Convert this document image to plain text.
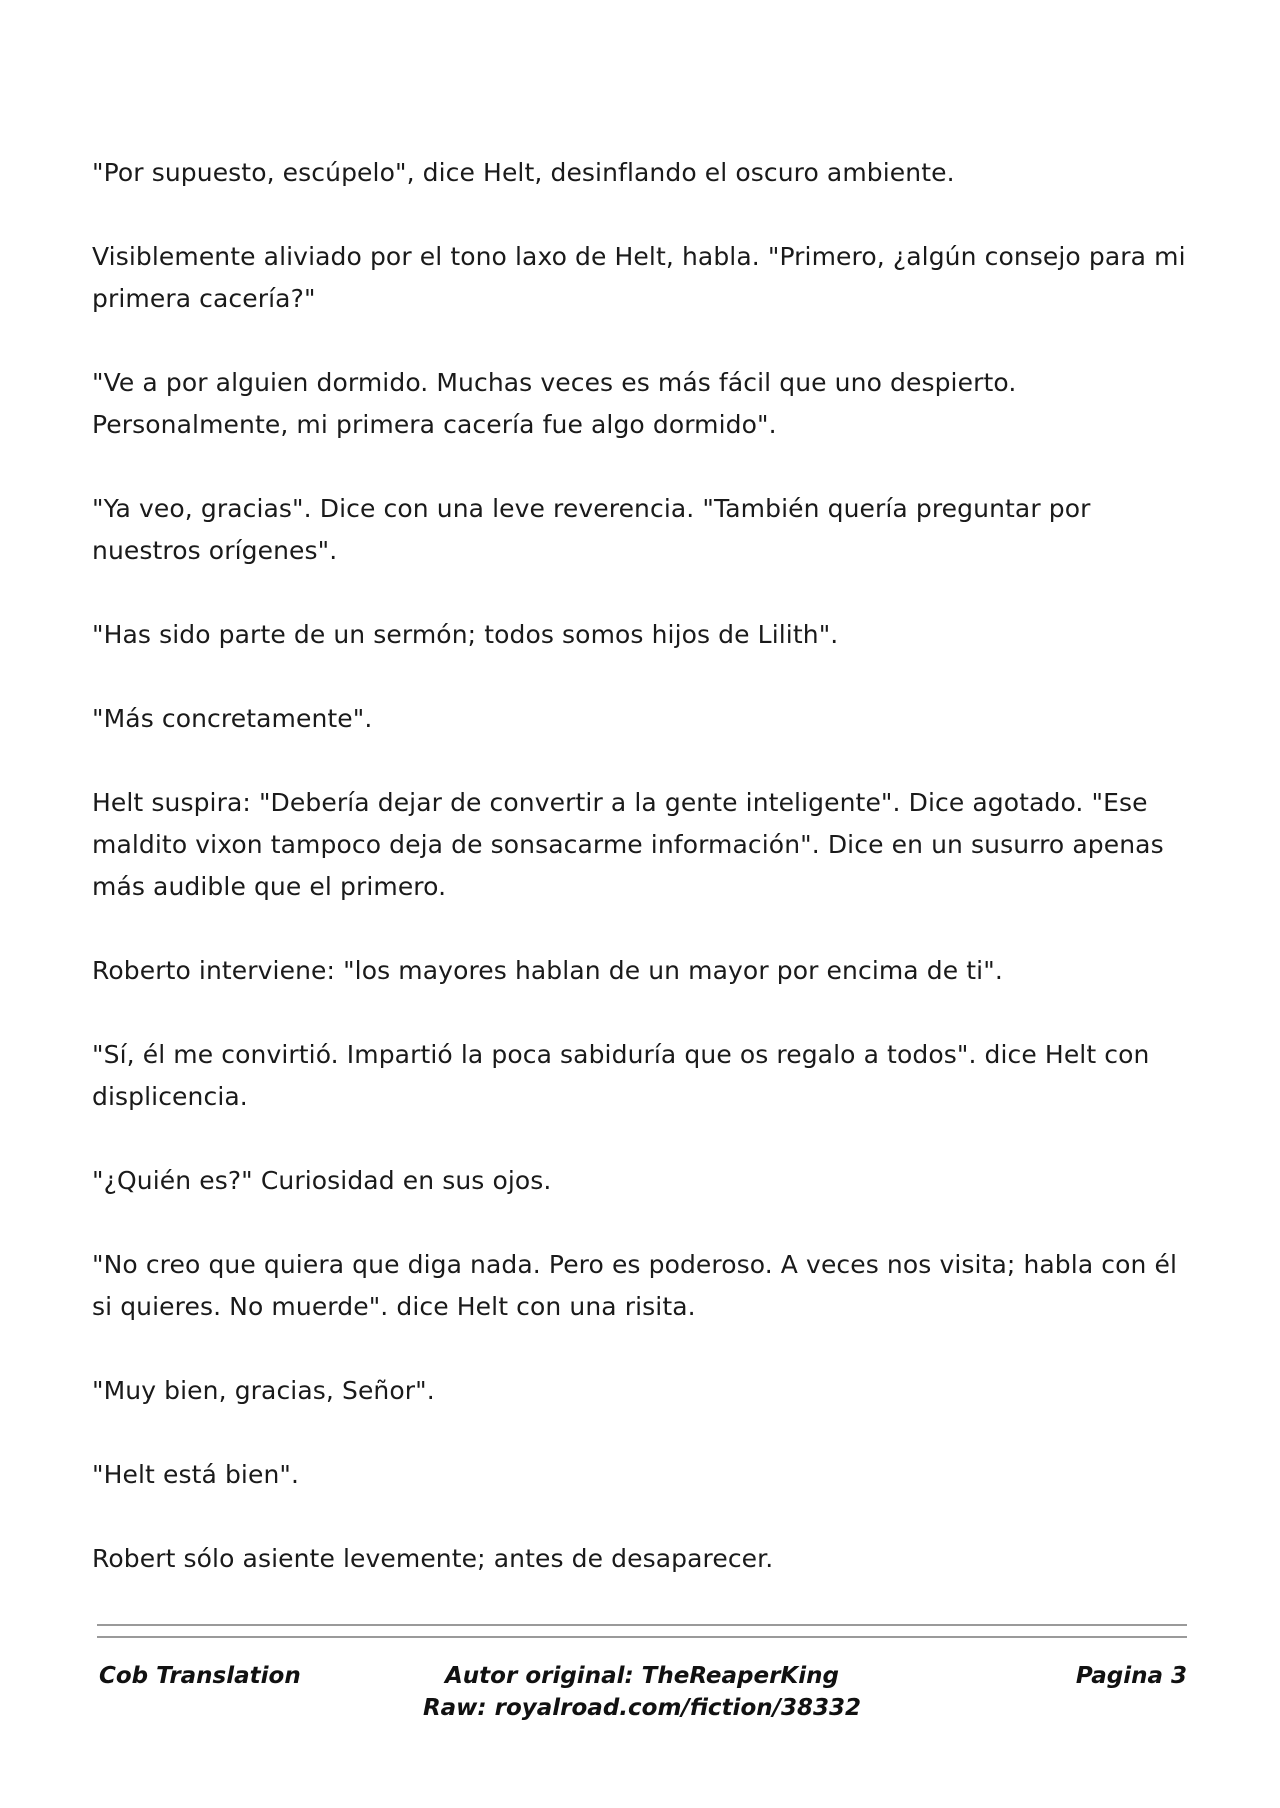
"Por supuesto, escúpelo", dice Helt, desinflando el oscuro ambiente.

Visiblemente aliviado por el tono laxo de Helt, habla. "Primero, ¿algún consejo para mi primera cacería?"

"Ve a por alguien dormido. Muchas veces es más fácil que uno despierto. Personalmente, mi primera cacería fue algo dormido".

"Ya veo, gracias". Dice con una leve reverencia. "También quería preguntar por nuestros orígenes".

"Has sido parte de un sermón; todos somos hijos de Lilith".

"Más concretamente".

Helt suspira: "Debería dejar de convertir a la gente inteligente". Dice agotado. "Ese maldito vixon tampoco deja de sonsacarme información". Dice en un susurro apenas más audible que el primero.

Roberto interviene: "los mayores hablan de un mayor por encima de ti".

"Sí, él me convirtió. Impartió la poca sabiduría que os regalo a todos". dice Helt con displicencia.

"¿Quién es?" Curiosidad en sus ojos.

"No creo que quiera que diga nada. Pero es poderoso. A veces nos visita; habla con él si quieres. No muerde". dice Helt con una risita.

"Muy bien, gracias, Señor".

"Helt está bien".

Robert sólo asiente levemente; antes de desaparecer.

Cob Translation	Autor original: TheReaperKing
Raw: royalroad.com/fiction/38332
Pagina 3
